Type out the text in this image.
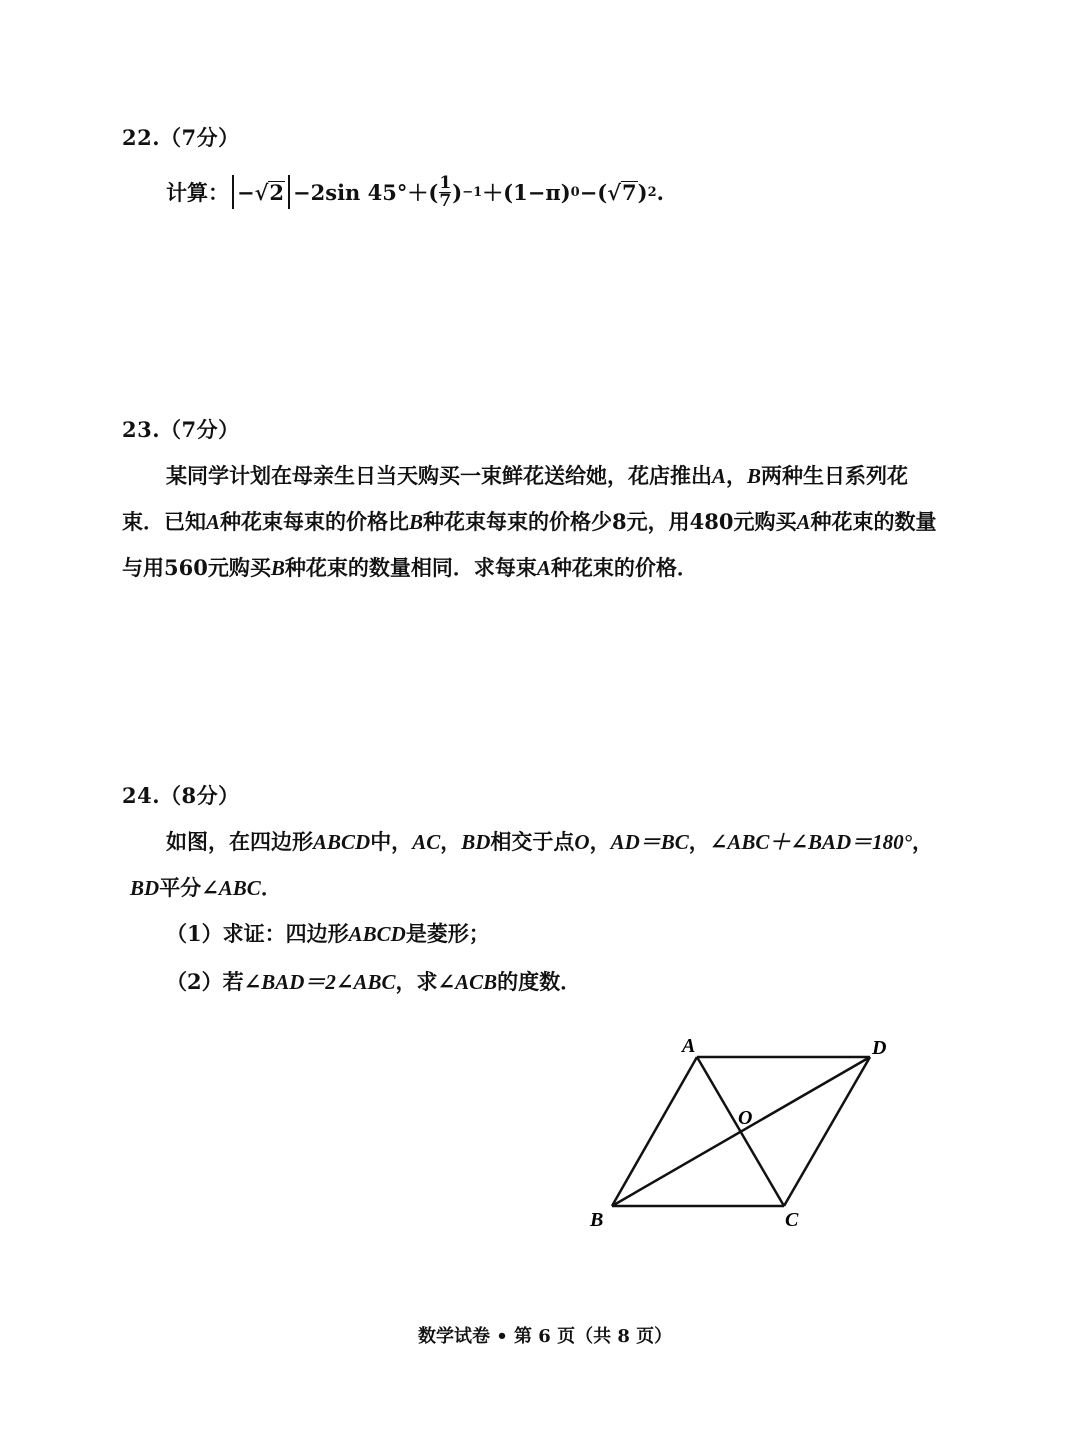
22.（7分）
计算： − √ 2 −2sin $45^\circ+( \frac{1}{7}$ ) −1 ＋(1−π) 0 −( √ 7 ) 2 .
23.（7分）
某同学计划在母亲生日当天购买一束鲜花送给她，花店推出A，B两种生日系列花
束．已知A种花束每束的价格比B种花束每束的价格少8元，用480元购买A种花束的数量
与用560元购买B种花束的数量相同．求每束A种花束的价格．
24.（8分）
如图，在四边形ABCD中，AC，BD相交于点O，AD＝BC，∠ABC＋∠BAD＝180°，
BD平分∠ABC．
（1）求证：四边形ABCD是菱形；
（2）若∠BAD＝2∠ABC，求∠ACB的度数．
A	D
O
B	C
数学试卷 • 第 6 页（共 8 页）
